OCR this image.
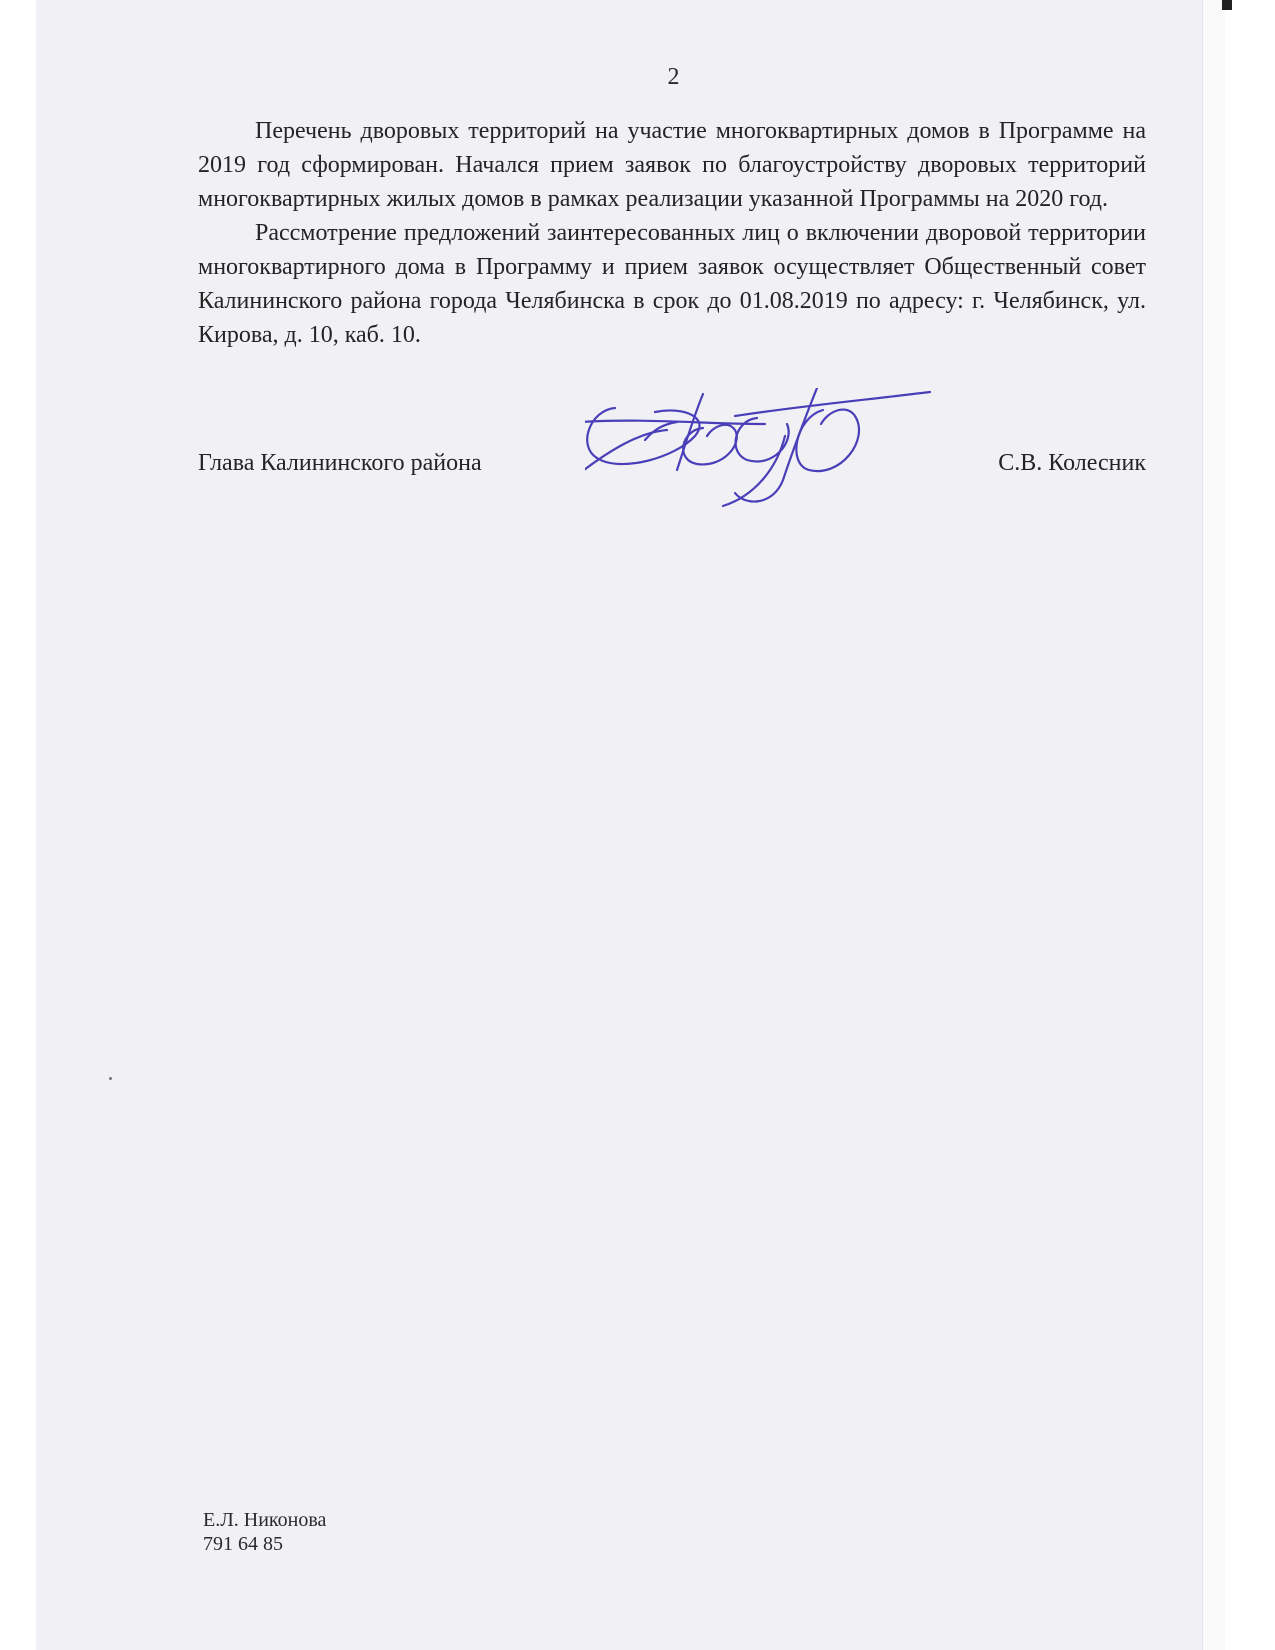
2

Перечень дворовых территорий на участие многоквартирных домов в Программе на 2019 год сформирован. Начался прием заявок по благоустройству дворовых территорий многоквартирных жилых домов в рамках реализации указанной Программы на 2020 год.

Рассмотрение предложений заинтересованных лиц о включении дворовой территории многоквартирного дома в Программу и прием заявок осуществляет Общественный совет Калининского района города Челябинска в срок до 01.08.2019 по адресу: г. Челябинск, ул. Кирова, д. 10, каб. 10.

Глава Калининского района	С.В. Колесник
Е.Л. Никонова
791 64 85
